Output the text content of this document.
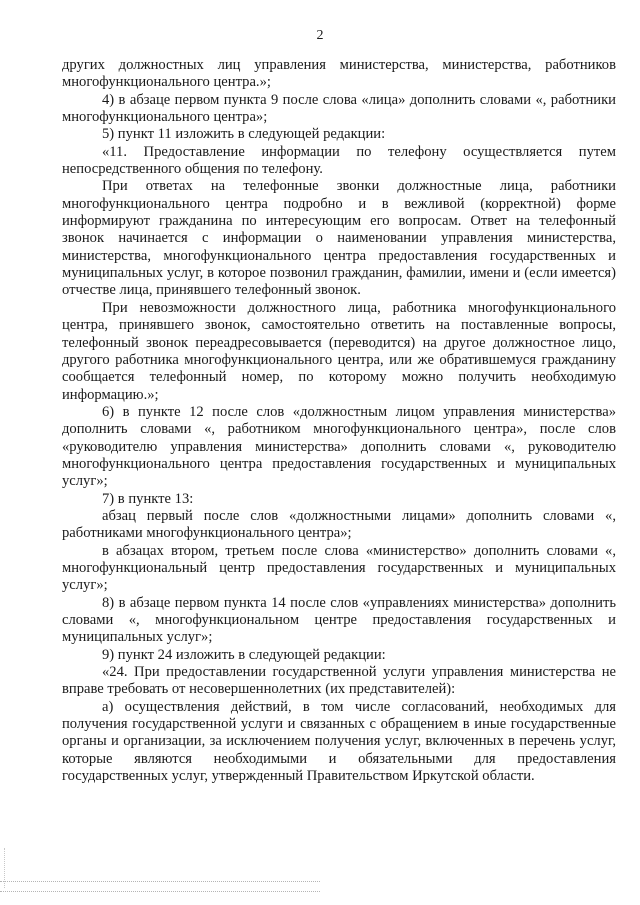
2

других должностных лиц управления министерства, министерства, работников многофункционального центра.»;

4) в абзаце первом пункта 9 после слова «лица» дополнить словами «, работники многофункционального центра»;

5) пункт 11 изложить в следующей редакции:

«11. Предоставление информации по телефону осуществляется путем непосредственного общения по телефону.

При ответах на телефонные звонки должностные лица, работники многофункционального центра подробно и в вежливой (корректной) форме информируют гражданина по интересующим его вопросам. Ответ на телефонный звонок начинается с информации о наименовании управления министерства, министерства, многофункционального центра предоставления государственных и муниципальных услуг, в которое позвонил гражданин, фамилии, имени и (если имеется) отчестве лица, принявшего телефонный звонок.

При невозможности должностного лица, работника многофункционального центра, принявшего звонок, самостоятельно ответить на поставленные вопросы, телефонный звонок переадресовывается (переводится) на другое должностное лицо, другого работника многофункционального центра, или же обратившемуся гражданину сообщается телефонный номер, по которому можно получить необходимую информацию.»;

6) в пункте 12 после слов «должностным лицом управления министерства» дополнить словами «, работником многофункционального центра», после слов «руководителю управления министерства» дополнить словами «, руководителю многофункционального центра предоставления государственных и муниципальных услуг»;

7) в пункте 13:

абзац первый после слов «должностными лицами» дополнить словами «, работниками многофункционального центра»;

в абзацах втором, третьем после слова «министерство» дополнить словами «, многофункциональный центр предоставления государственных и муниципальных услуг»;

8) в абзаце первом пункта 14 после слов «управлениях министерства» дополнить словами «, многофункциональном центре предоставления государственных и муниципальных услуг»;

9) пункт 24 изложить в следующей редакции:

«24. При предоставлении государственной услуги управления министерства не вправе требовать от несовершеннолетних (их представителей):

а) осуществления действий, в том числе согласований, необходимых для получения государственной услуги и связанных с обращением в иные государственные органы и организации, за исключением получения услуг, включенных в перечень услуг, которые являются необходимыми и обязательными для предоставления государственных услуг, утвержденный Правительством Иркутской области.
